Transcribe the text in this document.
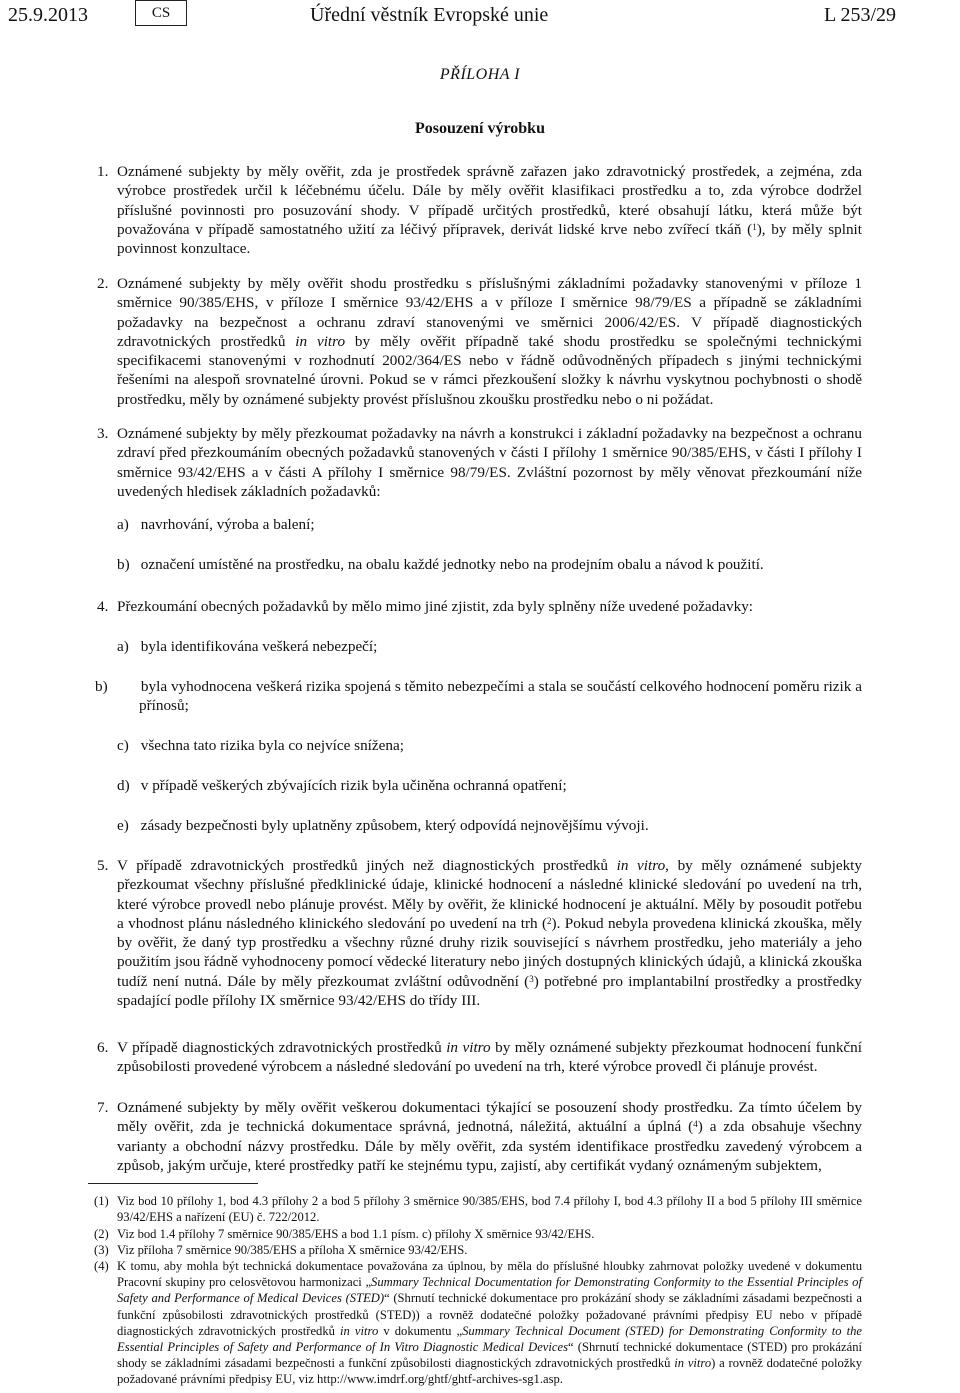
25.9.2013	CS	Úřední věstník Evropské unie	L 253/29
PŘÍLOHA I
Posouzení výrobku
1. Oznámené subjekty by měly ověřit, zda je prostředek správně zařazen jako zdravotnický prostředek, a zejména, zda výrobce prostředek určil k léčebnému účelu. Dále by měly ověřit klasifikaci prostředku a to, zda výrobce dodržel příslušné povinnosti pro posuzování shody. V případě určitých prostředků, které obsahují látku, která může být považována v případě samostatného užití za léčivý přípravek, derivát lidské krve nebo zvířecí tkáň ($^1$), by měly splnit povinnost konzultace.
2. Oznámené subjekty by měly ověřit shodu prostředku s příslušnými základními požadavky stanovenými v příloze 1 směrnice 90/385/EHS, v příloze I směrnice 93/42/EHS a v příloze I směrnice 98/79/ES a případně se základními požadavky na bezpečnost a ochranu zdraví stanovenými ve směrnici 2006/42/ES. V případě diagnostických zdravotnických prostředků in vitro by měly ověřit případně také shodu prostředku se společnými technickými specifikacemi stanovenými v rozhodnutí 2002/364/ES nebo v řádně odůvodněných případech s jinými technickými řešeními na alespoň srovnatelné úrovni. Pokud se v rámci přezkoušení složky k návrhu vyskytnou pochybnosti o shodě prostředku, měly by oznámené subjekty provést příslušnou zkoušku prostředku nebo o ni požádat.
3. Oznámené subjekty by měly přezkoumat požadavky na návrh a konstrukci i základní požadavky na bezpečnost a ochranu zdraví před přezkoumáním obecných požadavků stanovených v části I přílohy 1 směrnice 90/385/EHS, v části I přílohy I směrnice 93/42/EHS a v části A přílohy I směrnice 98/79/ES. Zvláštní pozornost by měly věnovat přezkoumání níže uvedených hledisek základních požadavků:
a) navrhování, výroba a balení;
b) označení umístěné na prostředku, na obalu každé jednotky nebo na prodejním obalu a návod k použití.
4. Přezkoumání obecných požadavků by mělo mimo jiné zjistit, zda byly splněny níže uvedené požadavky:
a) byla identifikována veškerá nebezpečí;
b) byla vyhodnocena veškerá rizika spojená s těmito nebezpečími a stala se součástí celkového hodnocení poměru rizik a přínosů;
c) všechna tato rizika byla co nejvíce snížena;
d) v případě veškerých zbývajících rizik byla učiněna ochranná opatření;
e) zásady bezpečnosti byly uplatněny způsobem, který odpovídá nejnovějšímu vývoji.
5. V případě zdravotnických prostředků jiných než diagnostických prostředků in vitro, by měly oznámené subjekty přezkoumat všechny příslušné předklinické údaje, klinické hodnocení a následné klinické sledování po uvedení na trh, které výrobce provedl nebo plánuje provést. Měly by ověřit, že klinické hodnocení je aktuální. Měly by posoudit potřebu a vhodnost plánu následného klinického sledování po uvedení na trh ($^2$). Pokud nebyla provedena klinická zkouška, měly by ověřit, že daný typ prostředku a všechny různé druhy rizik související s návrhem prostředku, jeho materiály a jeho použitím jsou řádně vyhodnoceny pomocí vědecké literatury nebo jiných dostupných klinických údajů, a klinická zkouška tudíž není nutná. Dále by měly přezkoumat zvláštní odůvodnění ($^3$) potřebné pro implantabilní prostředky a prostředky spadající podle přílohy IX směrnice 93/42/EHS do třídy III.
6. V případě diagnostických zdravotnických prostředků in vitro by měly oznámené subjekty přezkoumat hodnocení funkční způsobilosti provedené výrobcem a následné sledování po uvedení na trh, které výrobce provedl či plánuje provést.
7. Oznámené subjekty by měly ověřit veškerou dokumentaci týkající se posouzení shody prostředku. Za tímto účelem by měly ověřit, zda je technická dokumentace správná, jednotná, náležitá, aktuální a úplná ($^4$) a zda obsahuje všechny varianty a obchodní názvy prostředku. Dále by měly ověřit, zda systém identifikace prostředku zavedený výrobcem a způsob, jakým určuje, které prostředky patří ke stejnému typu, zajistí, aby certifikát vydaný oznámeným subjektem,
(1) Viz bod 10 přílohy 1, bod 4.3 přílohy 2 a bod 5 přílohy 3 směrnice 90/385/EHS, bod 7.4 přílohy I, bod 4.3 přílohy II a bod 5 přílohy III směrnice 93/42/EHS a nařízení (EU) č. 722/2012.
(2) Viz bod 1.4 přílohy 7 směrnice 90/385/EHS a bod 1.1 písm. c) přílohy X směrnice 93/42/EHS.
(3) Viz příloha 7 směrnice 90/385/EHS a příloha X směrnice 93/42/EHS.
(4) K tomu, aby mohla být technická dokumentace považována za úplnou, by měla do příslušné hloubky zahrnovat položky uvedené v dokumentu Pracovní skupiny pro celosvětovou harmonizaci „Summary Technical Documentation for Demonstrating Conformity to the Essential Principles of Safety and Performance of Medical Devices (STED)“ (Shrnutí technické dokumentace pro prokázání shody se základními zásadami bezpečnosti a funkční způsobilosti zdravotnických prostředků (STED)) a rovněž dodatečné položky požadované právními předpisy EU nebo v případě diagnostických zdravotnických prostředků in vitro v dokumentu „Summary Technical Document (STED) for Demonstrating Conformity to the Essential Principles of Safety and Performance of In Vitro Diagnostic Medical Devices“ (Shrnutí technické dokumentace (STED) pro prokázání shody se základními zásadami bezpečnosti a funkční způsobilosti diagnostických zdravotnických prostředků in vitro) a rovněž dodatečné položky požadované právními předpisy EU, viz http://www.imdrf.org/ghtf/ghtf-archives-sg1.asp.
